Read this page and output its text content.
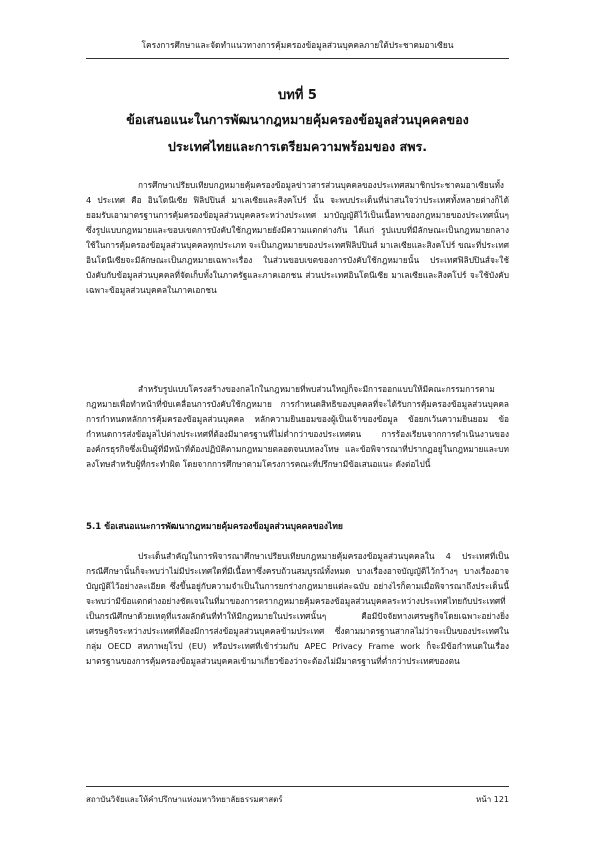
โครงการศึกษาและจัดทำแนวทางการคุ้มครองข้อมูลส่วนบุคคลภายใต้ประชาคมอาเซียน
บทที่ 5
ข้อเสนอแนะในการพัฒนากฎหมายคุ้มครองข้อมูลส่วนบุคคลของ
ประเทศไทยและการเตรียมความพร้อมของ สพร.

การศึกษาเปรียบเทียบกฎหมายคุ้มครองข้อมูลข่าวสารส่วนบุคคลของประเทศสมาชิกประชาคมอาเซียนทั้ง 4 ประเทศ คือ อินโดนีเซีย ฟิลิปปินส์ มาเลเซียและสิงคโปร์ นั้น จะพบประเด็นที่น่าสนใจว่าประเทศทั้งหลายต่างก็ได้ยอมรับเอามาตรฐานการคุ้มครองข้อมูลส่วนบุคคลระหว่างประเทศ มาบัญญัติไว้เป็นเนื้อหาของกฎหมายของประเทศนั้นๆ ซึ่งรูปแบบกฎหมายและขอบเขตการบังคับใช้กฎหมายยังมีความแตกต่างกัน ได้แก่ รูปแบบที่มีลักษณะเป็นกฎหมายกลางใช้ในการคุ้มครองข้อมูลส่วนบุคคลทุกประเภท จะเป็นกฎหมายของประเทศฟิลิปปินส์ มาเลเซียและสิงคโปร์ ขณะที่ประเทศอินโดนีเซียจะมีลักษณะเป็นกฎหมายเฉพาะเรื่อง ในส่วนขอบเขตของการบังคับใช้กฎหมายนั้น ประเทศฟิลิปปินส์จะใช้บังคับกับข้อมูลส่วนบุคคลที่จัดเก็บทั้งในภาครัฐและภาคเอกชน ส่วนประเทศอินโดนีเซีย มาเลเซียและสิงคโปร์ จะใช้บังคับเฉพาะข้อมูลส่วนบุคคลในภาคเอกชน

สำหรับรูปแบบโครงสร้างของกลไกในกฎหมายที่พบส่วนใหญ่ก็จะมีการออกแบบให้มีคณะกรรมการตามกฎหมายเพื่อทำหน้าที่ขับเคลื่อนการบังคับใช้กฎหมาย การกำหนดสิทธิของบุคคลที่จะได้รับการคุ้มครองข้อมูลส่วนบุคคล การกำหนดหลักการคุ้มครองข้อมูลส่วนบุคคล หลักความยินยอมของผู้เป็นเจ้าของข้อมูล ข้อยกเว้นความยินยอม ข้อกำหนดการส่งข้อมูลไปต่างประเทศที่ต้องมีมาตรฐานที่ไม่ต่ำกว่าของประเทศตน การร้องเรียนจากการดำเนินงานขององค์กรธุรกิจซึ่งเป็นผู้ที่มีหน้าที่ต้องปฏิบัติตามกฎหมายตลอดจนบทลงโทษ และข้อพิจารณาที่ปรากฏอยู่ในกฎหมายและบทลงโทษสำหรับผู้ที่กระทำผิด โดยจากการศึกษาตามโครงการคณะที่ปรึกษามีข้อเสนอแนะ ดังต่อไปนี้

5.1 ข้อเสนอแนะการพัฒนากฎหมายคุ้มครองข้อมูลส่วนบุคคลของไทย

ประเด็นสำคัญในการพิจารณาศึกษาเปรียบเทียบกฎหมายคุ้มครองข้อมูลส่วนบุคคลใน 4 ประเทศที่เป็นกรณีศึกษานั้นก็จะพบว่าไม่มีประเทศใดที่มีเนื้อหาซึ่งครบถ้วนสมบูรณ์ทั้งหมด บางเรื่องอาจบัญญัติไว้กว้างๆ บางเรื่องอาจบัญญัติไว้อย่างละเอียด ซึ่งขึ้นอยู่กับความจำเป็นในการยกร่างกฎหมายแต่ละฉบับ อย่างไรก็ตามเมื่อพิจารณาถึงประเด็นนี้จะพบว่ามีข้อแตกต่างอย่างชัดเจนในที่มาของการตรากฎหมายคุ้มครองข้อมูลส่วนบุคคลระหว่างประเทศไทยกับประเทศที่เป็นกรณีศึกษาด้วยเหตุที่แรงผลักดันที่ทำให้มีกฎหมายในประเทศนั้นๆ คือมีปัจจัยทางเศรษฐกิจโดยเฉพาะอย่างยิ่งเศรษฐกิจระหว่างประเทศที่ต้องมีการส่งข้อมูลส่วนบุคคลข้ามประเทศ ซึ่งตามมาตรฐานสากลไม่ว่าจะเป็นของประเทศในกลุ่ม OECD สหภาพยุโรป (EU) หรือประเทศที่เข้าร่วมกับ APEC Privacy Frame work ก็จะมีข้อกำหนดในเรื่องมาตรฐานของการคุ้มครองข้อมูลส่วนบุคคลเข้ามาเกี่ยวข้องว่าจะต้องไม่มีมาตรฐานที่ต่ำกว่าประเทศของตน

สถาบันวิจัยและให้คำปรึกษาแห่งมหาวิทยาลัยธรรมศาสตร์	หน้า 121
